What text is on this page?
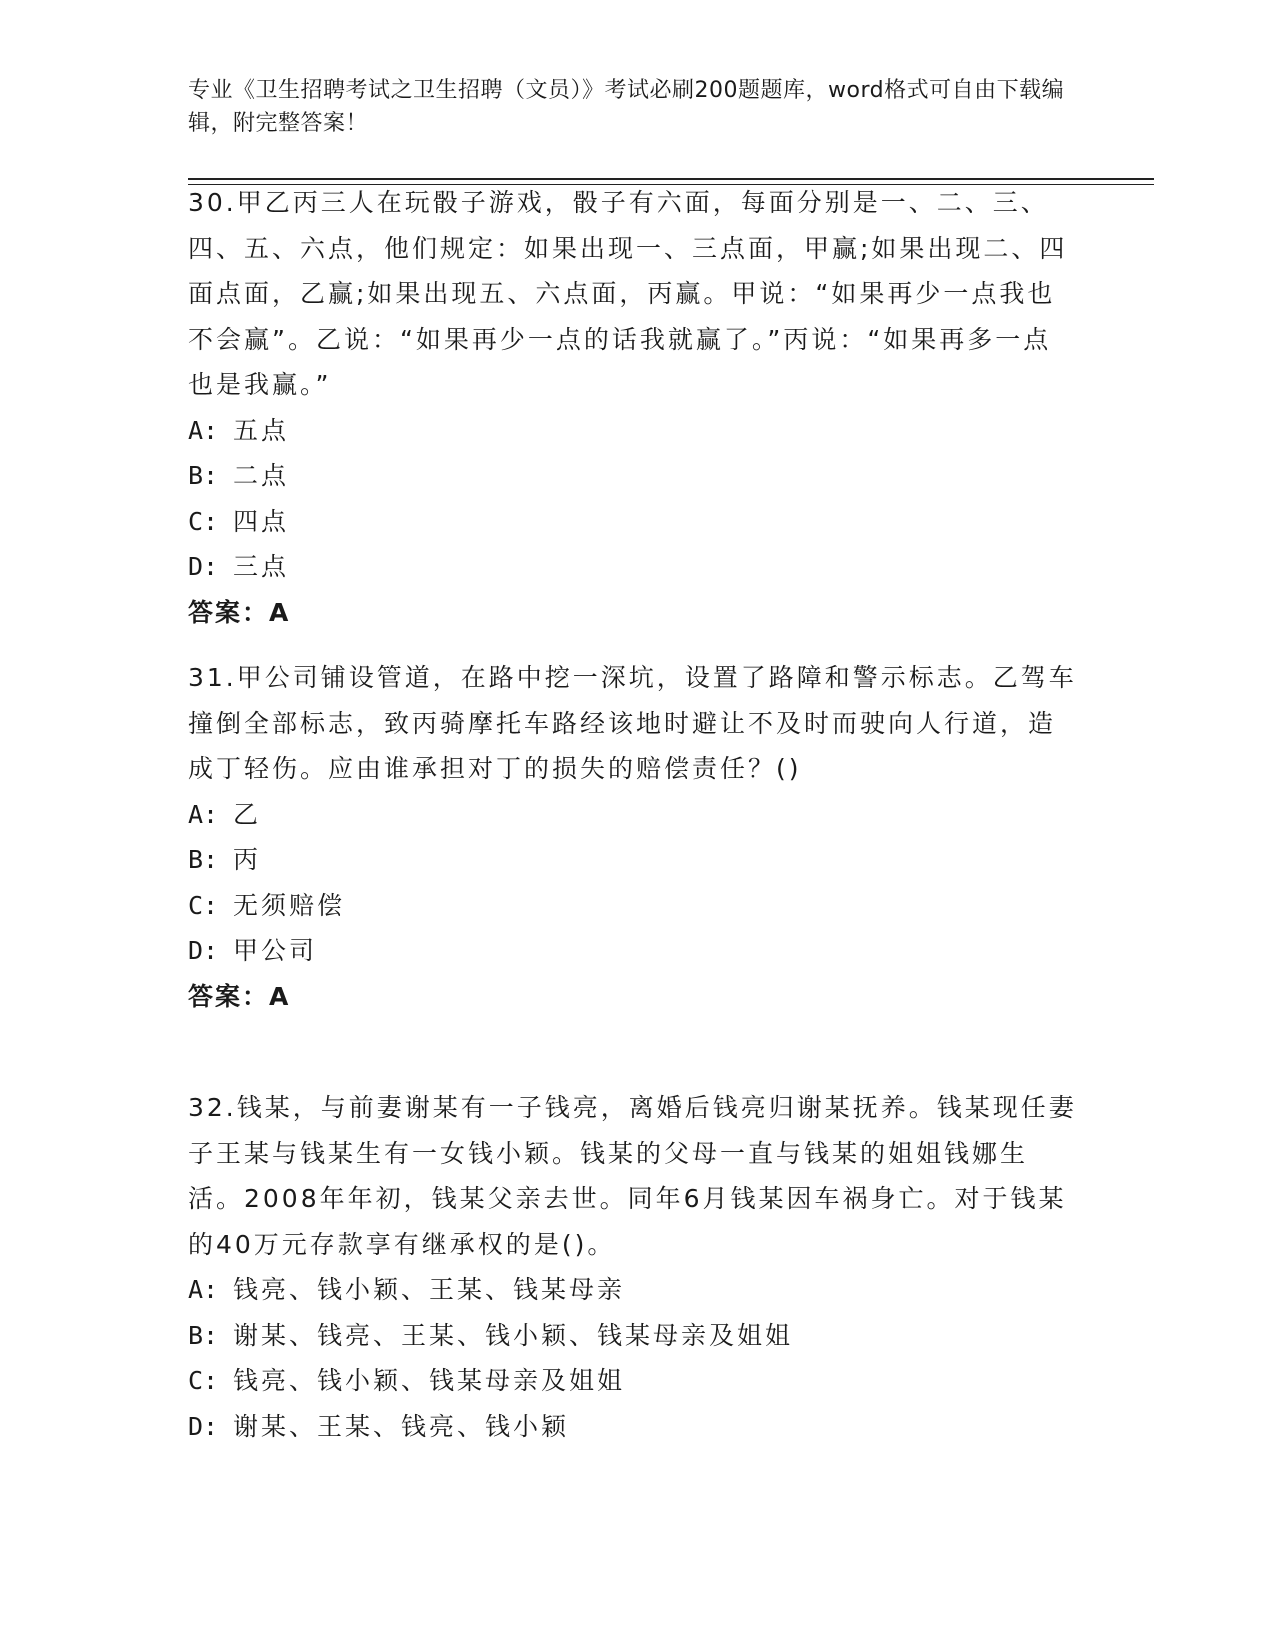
专业《卫生招聘考试之卫生招聘（文员）》考试必刷200题题库，word格式可自由下载编辑，附完整答案！

30.甲乙丙三人在玩骰子游戏，骰子有六面，每面分别是一、二、三、四、五、六点，他们规定：如果出现一、三点面，甲赢;如果出现二、四面点面，乙赢;如果出现五、六点面，丙赢。甲说：“如果再少一点我也不会赢”。乙说：“如果再少一点的话我就赢了。”丙说：“如果再多一点也是我赢。”

A: 五点

B: 二点

C: 四点

D: 三点

答案：A

31.甲公司铺设管道，在路中挖一深坑，设置了路障和警示标志。乙驾车撞倒全部标志，致丙骑摩托车路经该地时避让不及时而驶向人行道，造成丁轻伤。应由谁承担对丁的损失的赔偿责任？()

A: 乙

B: 丙

C: 无须赔偿

D: 甲公司

答案：A

32.钱某，与前妻谢某有一子钱亮，离婚后钱亮归谢某抚养。钱某现任妻子王某与钱某生有一女钱小颖。钱某的父母一直与钱某的姐姐钱娜生活。2008年年初，钱某父亲去世。同年6月钱某因车祸身亡。对于钱某的40万元存款享有继承权的是()。

A: 钱亮、钱小颖、王某、钱某母亲

B: 谢某、钱亮、王某、钱小颖、钱某母亲及姐姐

C: 钱亮、钱小颖、钱某母亲及姐姐

D: 谢某、王某、钱亮、钱小颖
